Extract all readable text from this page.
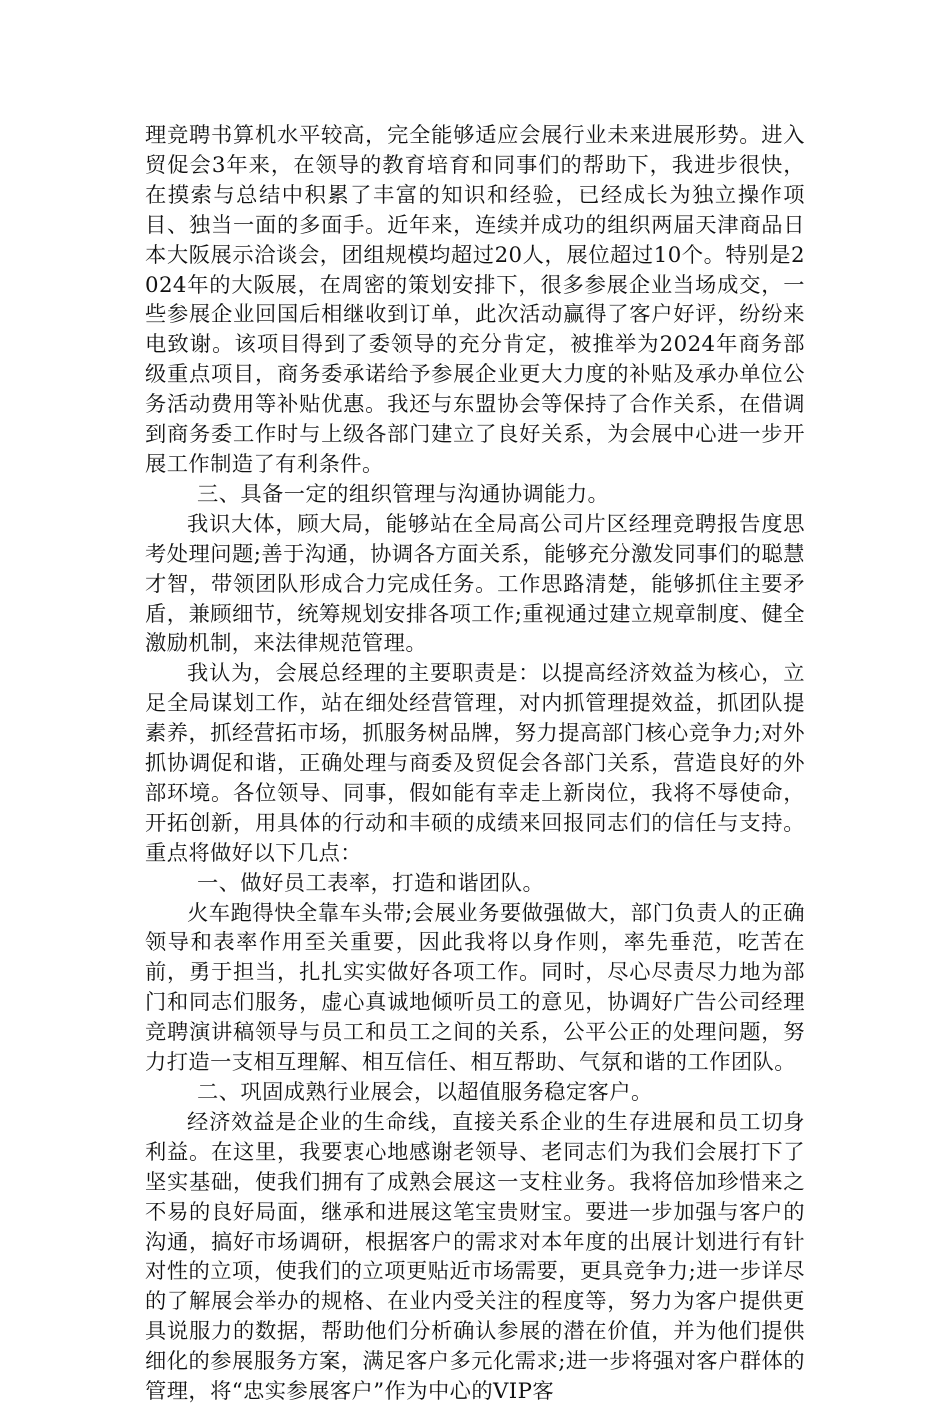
理竞聘书算机水平较高，完全能够适应会展行业未来进展形势。进入贸促会3年来，在领导的教育培育和同事们的帮助下，我进步很快，在摸索与总结中积累了丰富的知识和经验，已经成长为独立操作项目、独当一面的多面手。近年来，连续并成功的组织两届天津商品日本大阪展示洽谈会，团组规模均超过20人，展位超过10个。特别是2024年的大阪展，在周密的策划安排下，很多参展企业当场成交，一些参展企业回国后相继收到订单，此次活动赢得了客户好评，纷纷来电致谢。该项目得到了委领导的充分肯定，被推举为2024年商务部级重点项目，商务委承诺给予参展企业更大力度的补贴及承办单位公务活动费用等补贴优惠。我还与东盟协会等保持了合作关系，在借调到商务委工作时与上级各部门建立了良好关系，为会展中心进一步开展工作制造了有利条件。

三、具备一定的组织管理与沟通协调能力。

我识大体，顾大局，能够站在全局高公司片区经理竞聘报告度思考处理问题;善于沟通，协调各方面关系，能够充分激发同事们的聪慧才智，带领团队形成合力完成任务。工作思路清楚，能够抓住主要矛盾，兼顾细节，统筹规划安排各项工作;重视通过建立规章制度、健全激励机制，来法律规范管理。

我认为，会展总经理的主要职责是：以提高经济效益为核心，立足全局谋划工作，站在细处经营管理，对内抓管理提效益，抓团队提素养，抓经营拓市场，抓服务树品牌，努力提高部门核心竞争力;对外抓协调促和谐，正确处理与商委及贸促会各部门关系，营造良好的外部环境。各位领导、同事，假如能有幸走上新岗位，我将不辱使命，开拓创新，用具体的行动和丰硕的成绩来回报同志们的信任与支持。重点将做好以下几点：

一、做好员工表率，打造和谐团队。

火车跑得快全靠车头带;会展业务要做强做大，部门负责人的正确领导和表率作用至关重要，因此我将以身作则，率先垂范，吃苦在前，勇于担当，扎扎实实做好各项工作。同时，尽心尽责尽力地为部门和同志们服务，虚心真诚地倾听员工的意见，协调好广告公司经理竞聘演讲稿领导与员工和员工之间的关系，公平公正的处理问题，努力打造一支相互理解、相互信任、相互帮助、气氛和谐的工作团队。

二、巩固成熟行业展会，以超值服务稳定客户。

经济效益是企业的生命线，直接关系企业的生存进展和员工切身利益。在这里，我要衷心地感谢老领导、老同志们为我们会展打下了坚实基础，使我们拥有了成熟会展这一支柱业务。我将倍加珍惜来之不易的良好局面，继承和进展这笔宝贵财宝。要进一步加强与客户的沟通，搞好市场调研，根据客户的需求对本年度的出展计划进行有针对性的立项，使我们的立项更贴近市场需要，更具竞争力;进一步详尽的了解展会举办的规格、在业内受关注的程度等，努力为客户提供更具说服力的数据，帮助他们分析确认参展的潜在价值，并为他们提供细化的参展服务方案，满足客户多元化需求;进一步将强对客户群体的管理，将“忠实参展客户”作为中心的VIP客
